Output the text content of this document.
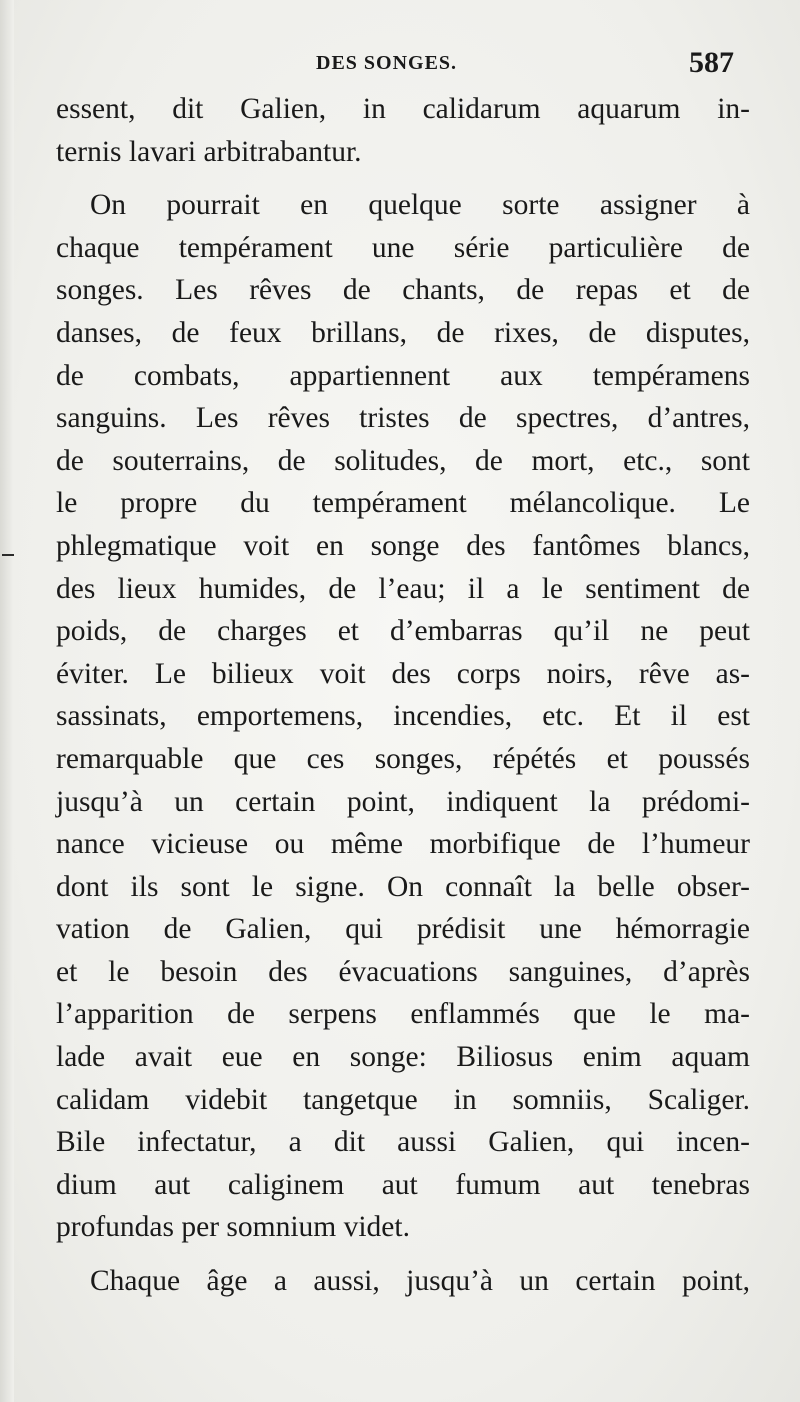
DES SONGES.	587
essent, dit Galien, in calidarum aquarum in-
ternis lavari arbitrabantur.
On pourrait en quelque sorte assigner à
chaque tempérament une série particulière de
songes. Les rêves de chants, de repas et de
danses, de feux brillans, de rixes, de disputes,
de combats, appartiennent aux tempéramens
sanguins. Les rêves tristes de spectres, d’antres,
de souterrains, de solitudes, de mort, etc., sont
le propre du tempérament mélancolique. Le
phlegmatique voit en songe des fantômes blancs,
des lieux humides, de l’eau; il a le sentiment de
poids, de charges et d’embarras qu’il ne peut
éviter. Le bilieux voit des corps noirs, rêve as-
sassinats, emportemens, incendies, etc. Et il est
remarquable que ces songes, répétés et poussés
jusqu’à un certain point, indiquent la prédomi-
nance vicieuse ou même morbifique de l’humeur
dont ils sont le signe. On connaît la belle obser-
vation de Galien, qui prédisit une hémorragie
et le besoin des évacuations sanguines, d’après
l’apparition de serpens enflammés que le ma-
lade avait eue en songe: Biliosus enim aquam
calidam videbit tangetque in somniis, Scaliger.
Bile infectatur, a dit aussi Galien, qui incen-
dium aut caliginem aut fumum aut tenebras
profundas per somnium videt.
Chaque âge a aussi, jusqu’à un certain point,
